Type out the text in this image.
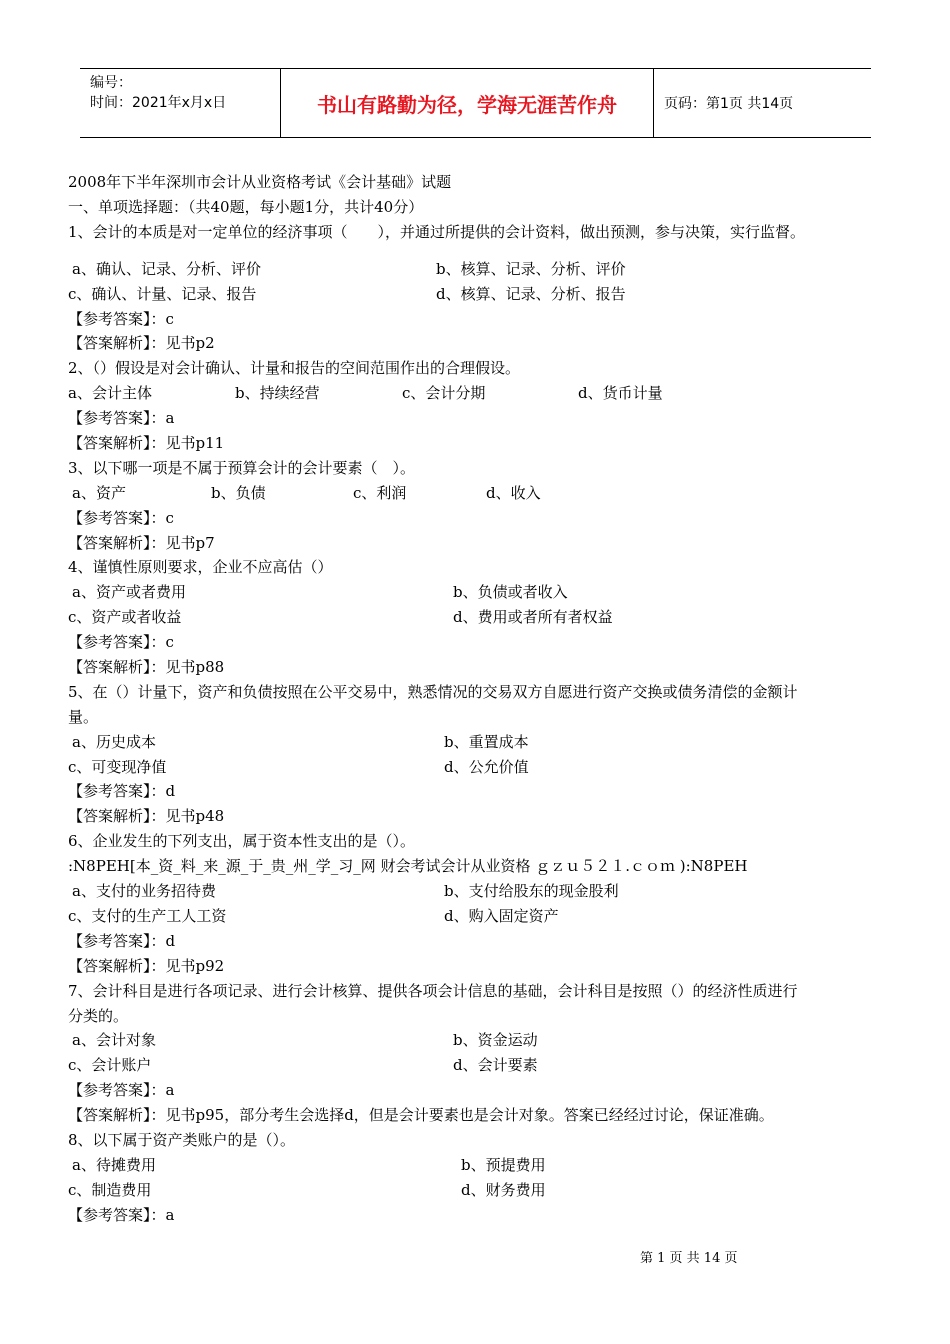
编号：
时间：2021年x月x日	书山有路勤为径，学海无涯苦作舟	页码：第1页 共14页
2008年下半年深圳市会计从业资格考试《会计基础》试题
一、单项选择题：（共40题，每小题1分，共计40分）
1、会计的本质是对一定单位的经济事项（　　），并通过所提供的会计资料，做出预测，参与决策，实行监督。
a、确认、记录、分析、评价	b、核算、记录、分析、评价
c、确认、计量、记录、报告	d、核算、记录、分析、报告
【参考答案】：c
【答案解析】：见书p2
2、（）假设是对会计确认、计量和报告的空间范围作出的合理假设。
a、会计主体	b、持续经营	c、会计分期	d、货币计量
【参考答案】：a
【答案解析】：见书p11
3、以下哪一项是不属于预算会计的会计要素（　）。
a、资产	b、负债	c、利润	d、收入
【参考答案】：c
【答案解析】：见书p7
4、谨慎性原则要求，企业不应高估（）
a、资产或者费用	b、负债或者收入
c、资产或者收益	d、费用或者所有者权益
【参考答案】：c
【答案解析】：见书p88
5、在（）计量下，资产和负债按照在公平交易中，熟悉情况的交易双方自愿进行资产交换或债务清偿的金额计
量。
a、历史成本	b、重置成本
c、可变现净值	d、公允价值
【参考答案】：d
【答案解析】：见书p48
6、企业发生的下列支出，属于资本性支出的是（）。
:N8PEH[本_资_料_来_源_于_贵_州_学_习_网 财会考试会计从业资格 ｇｚｕ５２１.ｃｏｍ ):N8PEH
a、支付的业务招待费	b、支付给股东的现金股利
c、支付的生产工人工资	d、购入固定资产
【参考答案】：d
【答案解析】：见书p92
7、会计科目是进行各项记录、进行会计核算、提供各项会计信息的基础，会计科目是按照（）的经济性质进行
分类的。
a、会计对象	b、资金运动
c、会计账户	d、会计要素
【参考答案】：a
【答案解析】：见书p95，部分考生会选择d，但是会计要素也是会计对象。答案已经经过讨论，保证准确。
8、以下属于资产类账户的是（）。
a、待摊费用	b、预提费用
c、制造费用	d、财务费用
【参考答案】：a
第 1 页 共 14 页
